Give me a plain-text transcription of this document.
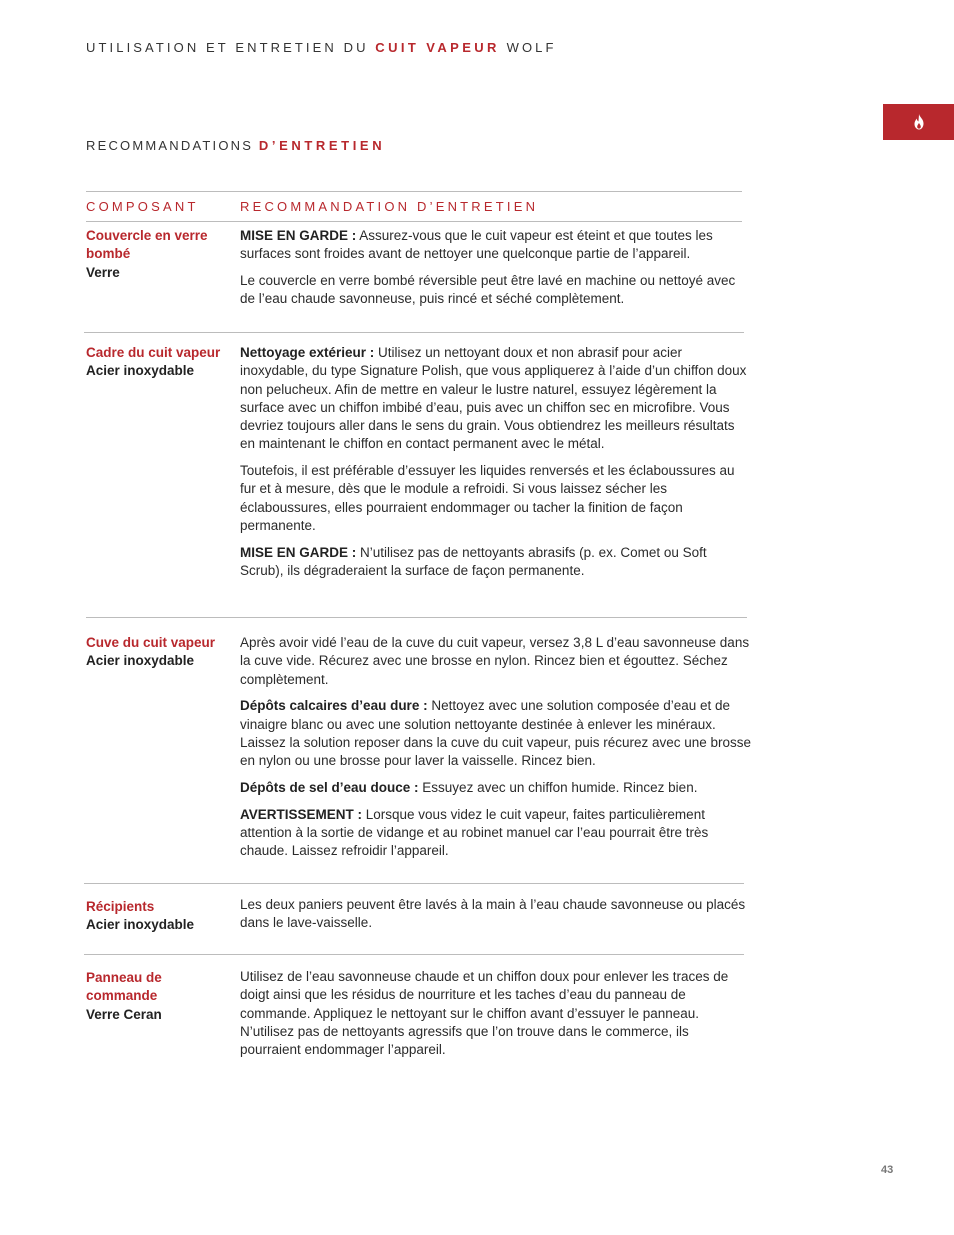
UTILISATION ET ENTRETIEN DU CUIT VAPEUR WOLF
RECOMMANDATIONS D’ENTRETIEN
COMPOSANT	RECOMMANDATION D’ENTRETIEN
Couvercle en verre bombé
Verre

MISE EN GARDE : Assurez-vous que le cuit vapeur est éteint et que toutes les surfaces sont froides avant de nettoyer une quelconque partie de l’appareil.

Le couvercle en verre bombé réversible peut être lavé en machine ou nettoyé avec de l’eau chaude savonneuse, puis rincé et séché complètement.

Cadre du cuit vapeur
Acier inoxydable

Nettoyage extérieur : Utilisez un nettoyant doux et non abrasif pour acier inoxydable, du type Signature Polish, que vous appliquerez à l’aide d’un chiffon doux non pelucheux. Afin de mettre en valeur le lustre naturel, essuyez légèrement la surface avec un chiffon imbibé d’eau, puis avec un chiffon sec en microfibre. Vous devriez toujours aller dans le sens du grain. Vous obtiendrez les meilleurs résultats en maintenant le chiffon en contact permanent avec le métal.

Toutefois, il est préférable d’essuyer les liquides renversés et les éclaboussures au fur et à mesure, dès que le module a refroidi. Si vous laissez sécher les éclaboussures, elles pourraient endommager ou tacher la finition de façon permanente.

MISE EN GARDE : N’utilisez pas de nettoyants abrasifs (p. ex. Comet ou Soft Scrub), ils dégraderaient la surface de façon permanente.

Cuve du cuit vapeur
Acier inoxydable

Après avoir vidé l’eau de la cuve du cuit vapeur, versez 3,8 L d’eau savonneuse dans la cuve vide. Récurez avec une brosse en nylon. Rincez bien et égouttez. Séchez complètement.

Dépôts calcaires d’eau dure : Nettoyez avec une solution composée d’eau et de vinaigre blanc ou avec une solution nettoyante destinée à enlever les minéraux. Laissez la solution reposer dans la cuve du cuit vapeur, puis récurez avec une brosse en nylon ou une brosse pour laver la vaisselle. Rincez bien.

Dépôts de sel d’eau douce : Essuyez avec un chiffon humide. Rincez bien.

AVERTISSEMENT : Lorsque vous videz le cuit vapeur, faites particulièrement attention à la sortie de vidange et au robinet manuel car l’eau pourrait être très chaude. Laissez refroidir l’appareil.

Récipients
Acier inoxydable

Les deux paniers peuvent être lavés à la main à l’eau chaude savonneuse ou placés dans le lave-vaisselle.

Panneau de commande
Verre Ceran

Utilisez de l’eau savonneuse chaude et un chiffon doux pour enlever les traces de doigt ainsi que les résidus de nourriture et les taches d’eau du panneau de commande. Appliquez le nettoyant sur le chiffon avant d’essuyer le panneau. N’utilisez pas de nettoyants agressifs que l’on trouve dans le commerce, ils pourraient endommager l’appareil.

43
